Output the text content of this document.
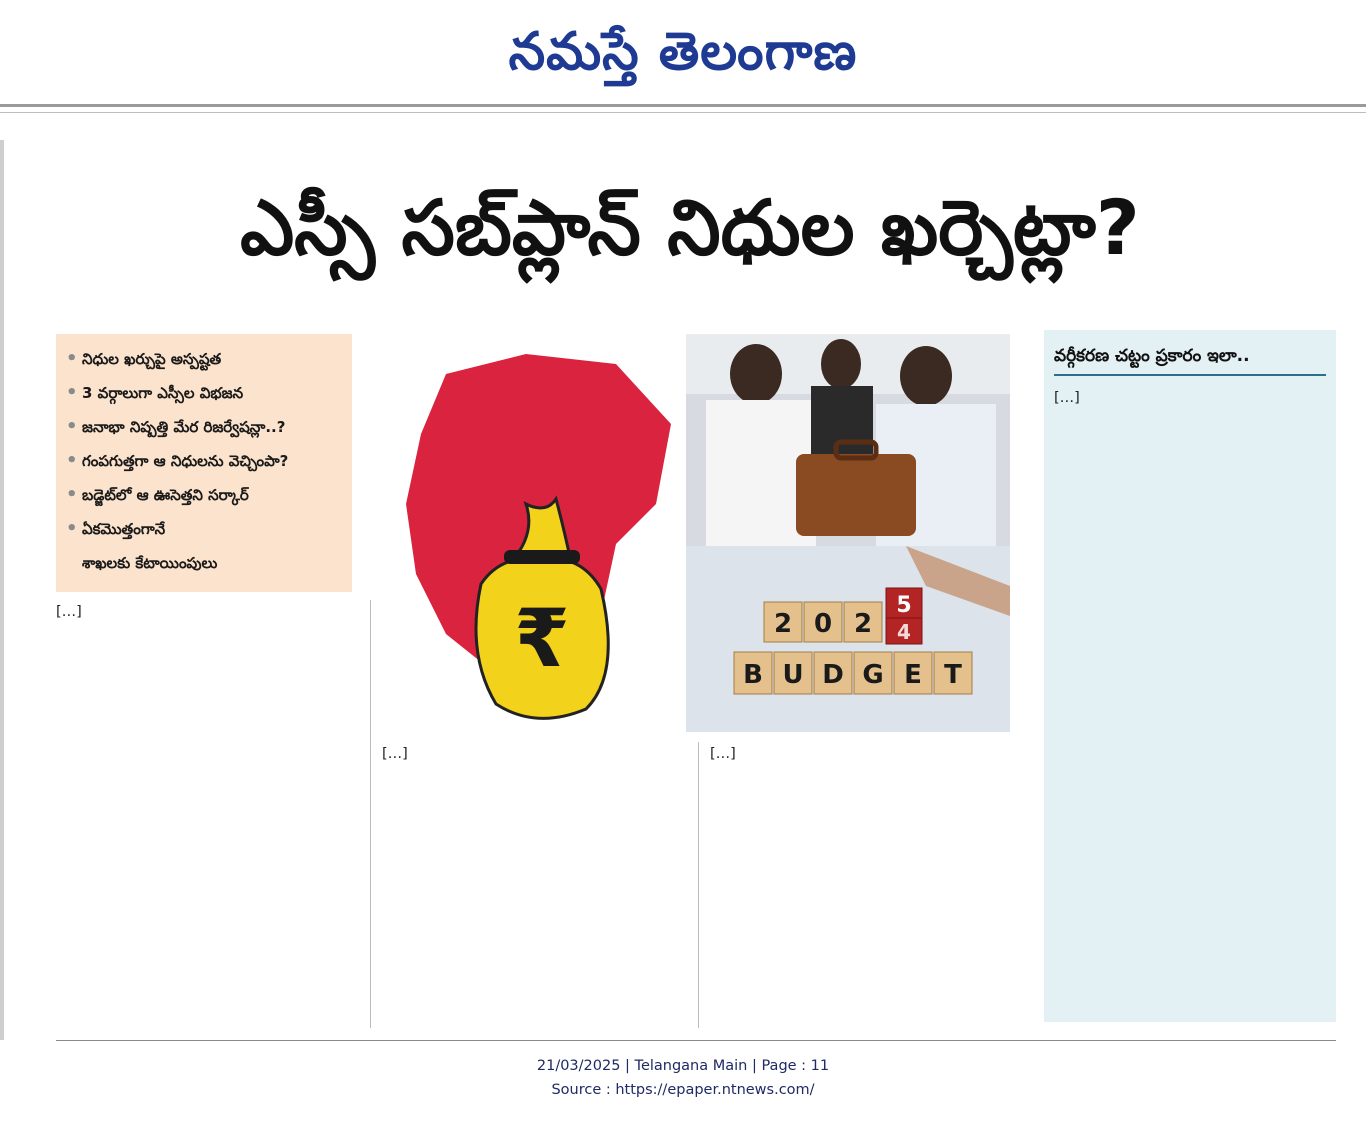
నమస్తే తెలంగాణ
ఎస్సీ సబ్‌ప్లాన్ నిధుల ఖర్చెట్లా?
• నిధుల ఖర్చుపై అస్పష్టత
• 3 వర్గాలుగా ఎస్సీల విభజన
• జనాభా నిష్పత్తి మేర రిజర్వేషన్లా..?
• గంపగుత్తగా ఆ నిధులను వెచ్చింపా?
• బడ్జెట్‌లో ఆ ఊసెత్తని సర్కార్
• ఏకమొత్తంగానే
శాఖలకు కేటాయింపులు
₹	2 0 2
5
4
B U D G E T
[…]
[…]	[…]
వర్గీకరణ చట్టం ప్రకారం ఇలా..
[…]
21/03/2025 | Telangana Main | Page : 11
Source : https://epaper.ntnews.com/
